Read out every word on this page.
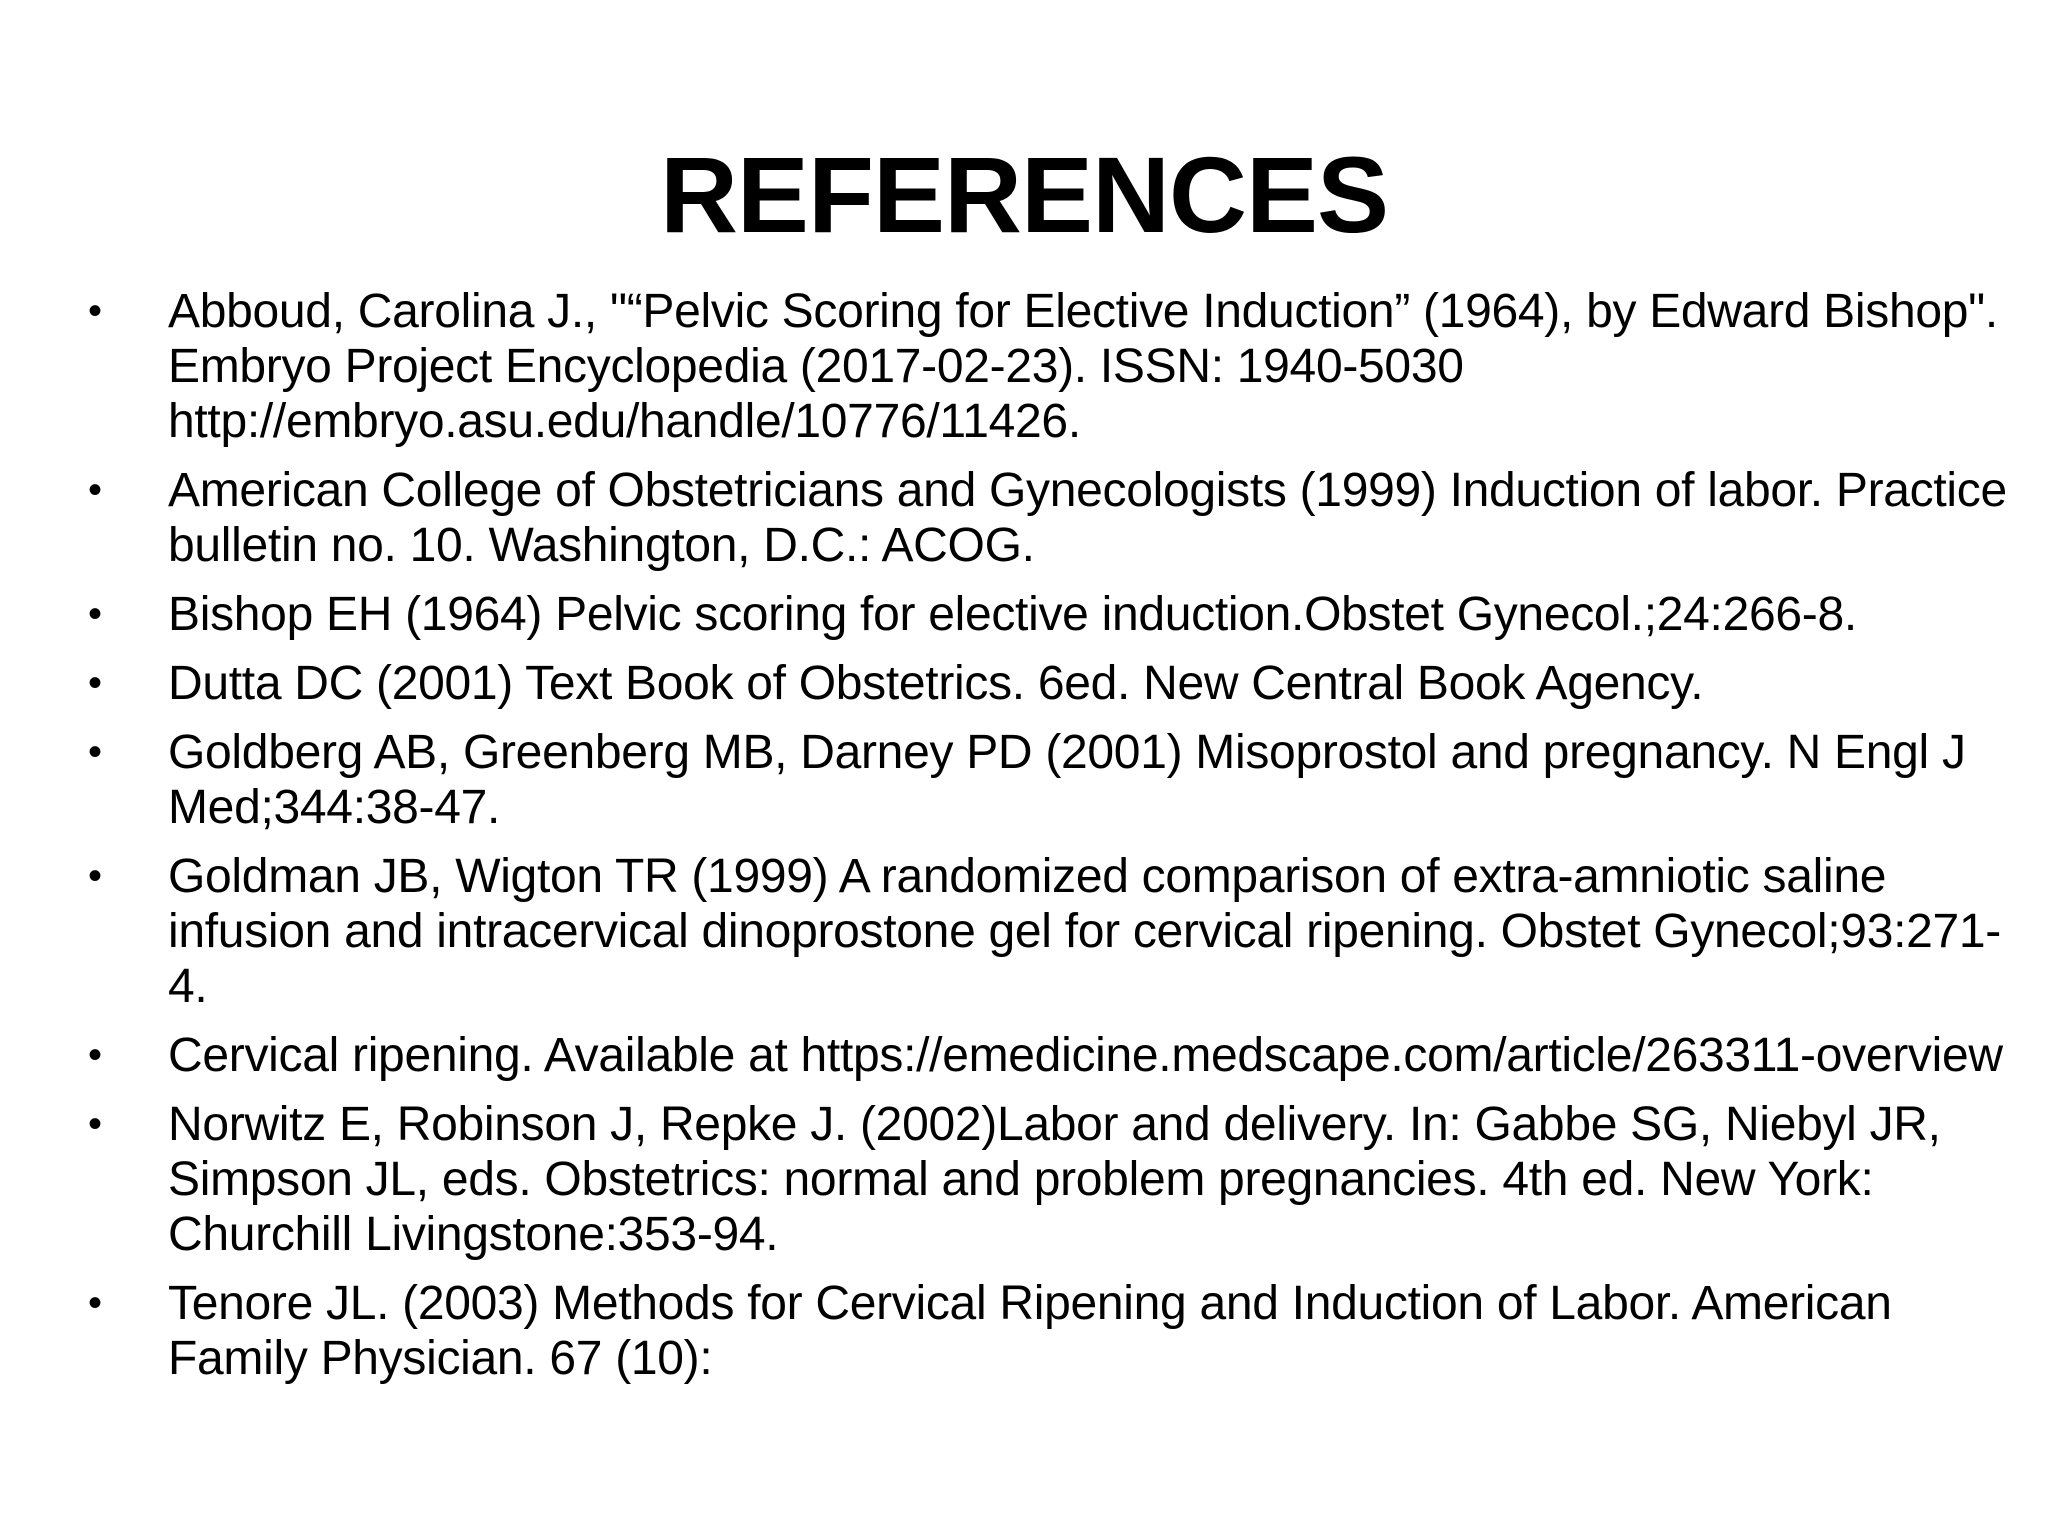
REFERENCES
•	Abboud, Carolina J., "“Pelvic Scoring for Elective Induction” (1964), by Edward Bishop". Embryo Project Encyclopedia (2017-02-23). ISSN: 1940-5030 http://embryo.asu.edu/handle/10776/11426.
•	American College of Obstetricians and Gynecologists (1999) Induction of labor. Practice bulletin no. 10. Washington, D.C.: ACOG.
•	Bishop EH (1964) Pelvic scoring for elective induction.Obstet Gynecol.;24:266-8.
•	Dutta DC (2001) Text Book of Obstetrics. 6ed. New Central Book Agency.
•	Goldberg AB, Greenberg MB, Darney PD (2001) Misoprostol and pregnancy. N Engl J Med;344:38-47.
•	Goldman JB, Wigton TR (1999) A randomized comparison of extra-amniotic saline infusion and intracervical dinoprostone gel for cervical ripening. Obstet Gynecol;93:271-4.
•	Cervical ripening. Available at https://emedicine.medscape.com/article/263311-overview
•	Norwitz E, Robinson J, Repke J. (2002)Labor and delivery. In: Gabbe SG, Niebyl JR, Simpson JL, eds. Obstetrics: normal and problem pregnancies. 4th ed. New York: Churchill Livingstone:353-94.
•	Tenore JL. (2003) Methods for Cervical Ripening and Induction of Labor. American Family Physician. 67 (10):
